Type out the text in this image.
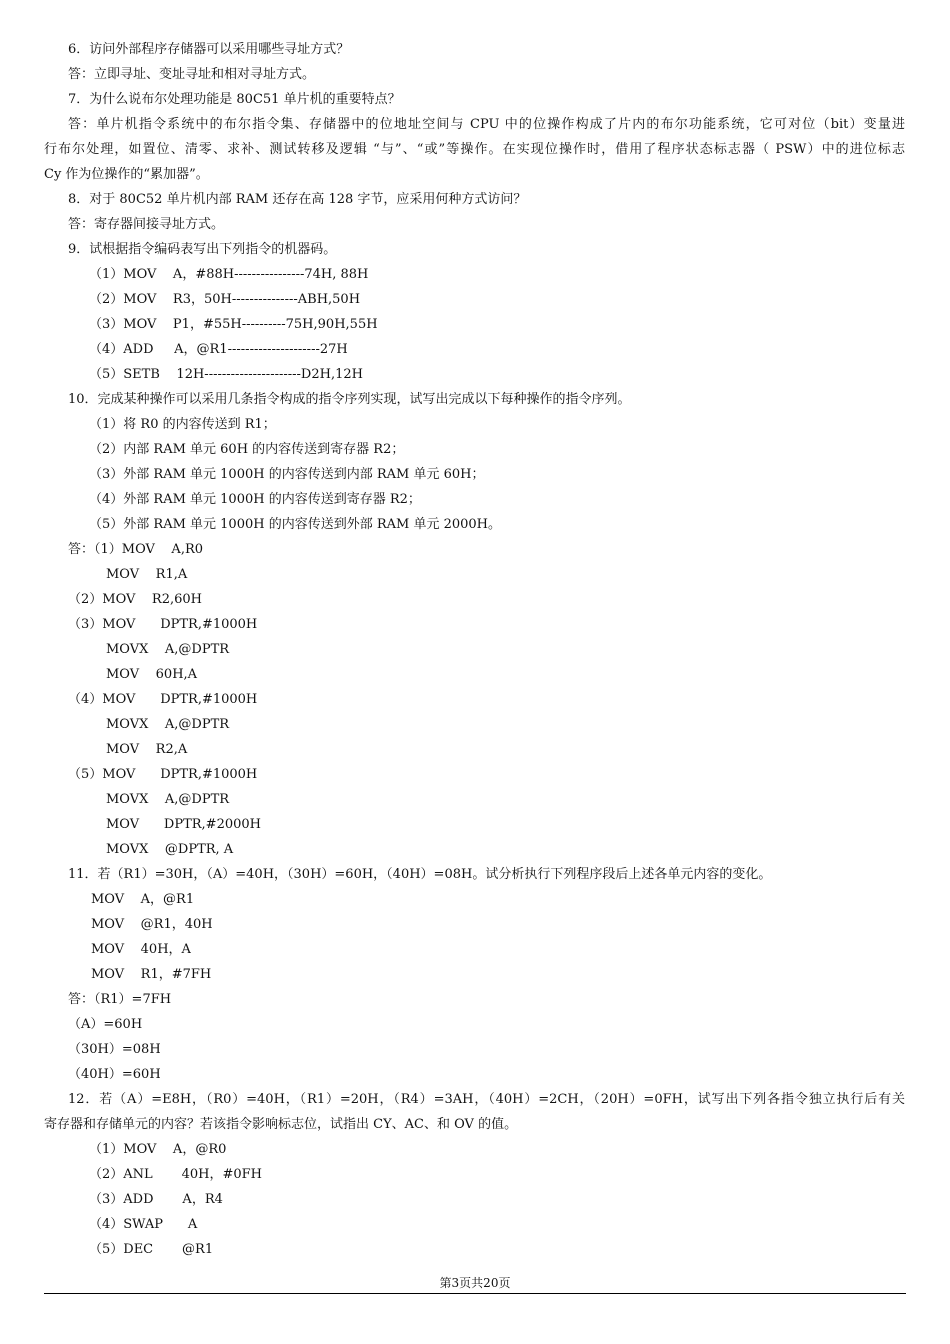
6．访问外部程序存储器可以采用哪些寻址方式？
答：立即寻址、变址寻址和相对寻址方式。
7．为什么说布尔处理功能是 80C51 单片机的重要特点？
答：单片机指令系统中的布尔指令集、存储器中的位地址空间与 CPU 中的位操作构成了片内的布尔功能系统，它可对位（bit）变量进
行布尔处理，如置位、清零、求补、测试转移及逻辑 “与”、“或”等操作。在实现位操作时，借用了程序状态标志器（ PSW）中的进位标志
Cy 作为位操作的“累加器”。
8．对于 80C52 单片机内部 RAM 还存在高 128 字节，应采用何种方式访问？
答：寄存器间接寻址方式。
9．试根据指令编码表写出下列指令的机器码。
（1）MOV    A，#88H----------------74H, 88H
（2）MOV    R3，50H---------------ABH,50H
（3）MOV    P1，#55H----------75H,90H,55H
（4）ADD     A，@R1---------------------27H
（5）SETB    12H----------------------D2H,12H
10．完成某种操作可以采用几条指令构成的指令序列实现，试写出完成以下每种操作的指令序列。
（1）将 R0 的内容传送到 R1；
（2）内部 RAM 单元 60H 的内容传送到寄存器 R2；
（3）外部 RAM 单元 1000H 的内容传送到内部 RAM 单元 60H；
（4）外部 RAM 单元 1000H 的内容传送到寄存器 R2；
（5）外部 RAM 单元 1000H 的内容传送到外部 RAM 单元 2000H。
答：（1）MOV    A,R0
MOV    R1,A
（2）MOV    R2,60H
（3）MOV      DPTR,#1000H
MOVX    A,@DPTR
MOV    60H,A
（4）MOV      DPTR,#1000H
MOVX    A,@DPTR
MOV    R2,A
（5）MOV      DPTR,#1000H
MOVX    A,@DPTR
MOV      DPTR,#2000H
MOVX    @DPTR, A
11．若（R1）=30H，（A）=40H，（30H）=60H，（40H）=08H。试分析执行下列程序段后上述各单元内容的变化。
MOV    A，@R1
MOV    @R1，40H
MOV    40H，A
MOV    R1，#7FH
答：（R1）=7FH
（A）=60H
（30H）=08H
（40H）=60H
12．若（A）=E8H，（R0）=40H，（R1）=20H，（R4）=3AH，（40H）=2CH，（20H）=0FH，试写出下列各指令独立执行后有关
寄存器和存储单元的内容？若该指令影响标志位，试指出 CY、AC、和 OV 的值。
（1）MOV    A，@R0
（2）ANL       40H，#0FH
（3）ADD       A，R4
（4）SWAP      A
（5）DEC       @R1
第3页共20页
